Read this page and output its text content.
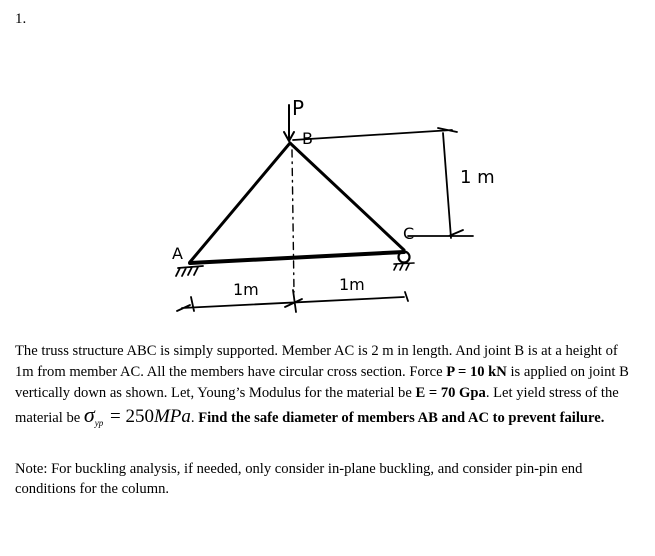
1.
P
B
A
C
1 m
1m	1m
The truss structure ABC is simply supported. Member AC is 2 m in length. And joint B is at a height of 1m from member AC. All the members have circular cross section. Force P = 10 kN is applied on joint B vertically down as shown. Let, Young’s Modulus for the material be E = 70 Gpa. Let yield stress of the material be $\sigma_{yp} = 250MPa$. Find the safe diameter of members AB and AC to prevent failure.
Note: For buckling analysis, if needed, only consider in-plane buckling, and consider pin-pin end conditions for the column.
